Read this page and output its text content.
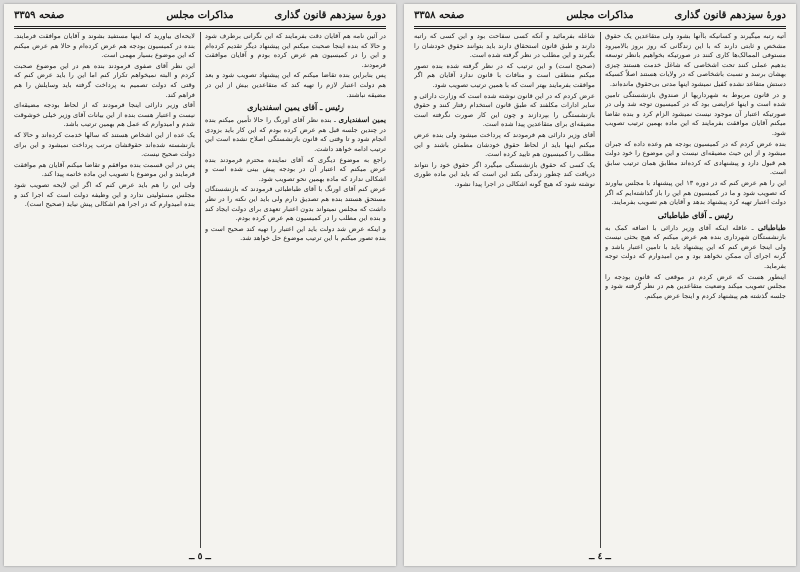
دورهٔ سیزدهم قانون گذاری
مذاکرات مجلس
صفحه ۳۳۵۹

در آئین نامه هم آقایان دقت بفرمایند که این نگرانی برطرف شود و حالا که بنده اینجا صحبت میکنم این پیشنهاد دیگر تقدیم کرده‌ام و این را در کمیسیون هم عرض کرده بودم و آقایان موافقت فرمودند.

پس بنابراین بنده تقاضا میکنم که این پیشنهاد تصویب شود و بعد هم دولت اعتبار لازم را تهیه کند که متقاعدین بیش از این در مضیقه نباشند.

رئیس ـ آقای یمین اسفندیاری

یمین اسفندیاری ـ بنده نظر آقای اورنگ را حالا تأمین میکنم بنده در چندین جلسه قبل هم عرض کرده بودم که این کار باید بزودی انجام شود و تا وقتی که قانون بازنشستگی اصلاح نشده است این ترتیب ادامه خواهد داشت.

راجع به موضوع دیگری که آقای نماینده محترم فرمودند بنده عرض میکنم که اعتبار آن در بودجه پیش بینی شده است و اشکالی ندارد که ماده بهمین نحو تصویب شود.

عرض کنم آقای اورنگ با آقای طباطبائی فرمودند که بازنشستگان مستحق هستند بنده هم تصدیق دارم ولی باید این نکته را در نظر داشت که مجلس نمیتواند بدون اعتبار تعهدی برای دولت ایجاد کند و بنده این مطلب را در کمیسیون هم عرض کرده بودم.

و اینکه عرض شد دولت باید این اعتبار را تهیه کند صحیح است و بنده تصور میکنم با این ترتیب موضوع حل خواهد شد.

لایحه‌ای بیاورید که اینها مستفید بشوند و آقایان موافقت فرمایند. بنده در کمیسیون بودجه هم عرض کرده‌ام و حالا هم عرض میکنم که این موضوع بسیار مهمی است.

این نظر آقای صفوی فرمودند بنده هم در این موضوع صحبت کردم و البته نمیخواهم تکرار کنم اما این را باید عرض کنم که وقتی که دولت تصمیم به پرداخت گرفته باید وسایلش را هم فراهم کند.

آقای وزیر دارائی اینجا فرمودند که از لحاظ بودجه مضیقه‌ای نیست و اعتبار هست بنده از این بیانات آقای وزیر خیلی خوشوقت شدم و امیدوارم که عمل هم بهمین ترتیب باشد.

یک عده از این اشخاص هستند که سالها خدمت کرده‌اند و حالا که بازنشسته شده‌اند حقوقشان مرتب پرداخت نمیشود و این برای دولت صحیح نیست.

پس در این قسمت بنده موافقم و تقاضا میکنم آقایان هم موافقت فرمایند و این موضوع با تصویب این ماده خاتمه پیدا کند.

ولی این را هم باید عرض کنم که اگر این لایحه تصویب شود مجلس مسئولیتی ندارد و این وظیفه دولت است که اجرا کند و بنده امیدوارم که در اجرا هم اشکالی پیش نیاید (صحیح است).

ــ ٥ ــ
دورهٔ سیزدهم قانون گذاری
مذاکرات مجلس
صفحه ۳۳۵۸

آتیه رتبه میگیرند و کسانیکه باآنها بشود ولی متقاعدین یک حقوق مشخص و ثابتی دارند که با این زندگانی که روز بروز بالامیرود مستوفی الممالک‌ها کاری کنند در صورتیکه بخواهیم بانظر توسعه بدهیم عملی کنند تحت اشخاصی که شاغل خدمت هستند چیزی بهشان برسد و نسبت باشخاصی که در ولایات هستند اصلاً کسیکه دستش متقاعد نشده کفیل نمیشود اینها مدتی بی‌حقوق مانده‌اند.

و در قانون مربوط به شهرداریها از صندوق بازنشستگی تامین شده است و اینها عرایضی بود که در کمیسیون توجه شد ولی در صورتیکه اعتبار آن موجود نیست نمیشود الزام کرد و بنده تقاضا میکنم آقایان موافقت بفرمایند که این ماده بهمین ترتیب تصویب شود.

بنده عرض کردم که در کمیسیون بودجه هم وعده داده که جبران میشود و از این حیث مضیقه‌ای نیست و این موضوع را خود دولت هم قبول دارد و پیشنهادی که کرده‌اند مطابق همان ترتیب سابق است.

این را هم عرض کنم که در دوره ۱۳ این پیشنهاد با مجلس بیاورند که تصویب شود و ما در کمیسیون هم این را باز گذاشته‌ایم که اگر دولت اعتبار تهیه کرد پیشنهاد بدهد و آقایان هم تصویب بفرمایند.

رئیس ـ آقای طباطبائی

طباطبائی ـ عاقله اینکه آقای وزیر دارائی با اضافه کمک به بازنشستگان شهرداری بنده هم عرض میکنم که هیچ بحثی نیست ولی اینجا عرض کنم که این پیشنهاد باید با تامین اعتبار باشد و گرنه اجرای آن ممکن نخواهد بود و من امیدوارم که دولت توجه بفرماید.

اینطور هست که عرض کردم در موقعی که قانون بودجه را مجلس تصویب میکند وضعیت متقاعدین هم در نظر گرفته شود و جلسه گذشته هم پیشنهاد کردم و اینجا عرض میکنم.

شاغله بفرمائید و آنکه کسی سفاحت بود و این کسی که راتبه دارند و طبق قانون استحقاق دارند باید بتوانند حقوق خودشان را بگیرند و این مطلب در نظر گرفته شده است.

(صحیح است) و این ترتیب که در نظر گرفته شده بنده تصور میکنم منطقی است و منافات با قانون ندارد آقایان هم اگر موافقت بفرمایند بهتر است که با همین ترتیب تصویب شود.

عرض کردم که در این قانون نوشته شده است که وزارت دارائی و سایر ادارات مکلفند که طبق قانون استخدام رفتار کنند و حقوق بازنشستگی را بپردازند و چون این کار صورت نگرفته است مضیقه‌ای برای متقاعدین پیدا شده است.

آقای وزیر دارائی هم فرمودند که پرداخت میشود ولی بنده عرض میکنم اینها باید از لحاظ حقوق خودشان مطمئن باشند و این مطلب را کمیسیون هم تایید کرده است.

یک کسی که حقوق بازنشستگی میگیرد اگر حقوق خود را نتواند دریافت کند چطور زندگی بکند این است که باید این ماده طوری نوشته شود که هیچ گونه اشکالی در اجرا پیدا نشود.

ــ ٤ ــ
